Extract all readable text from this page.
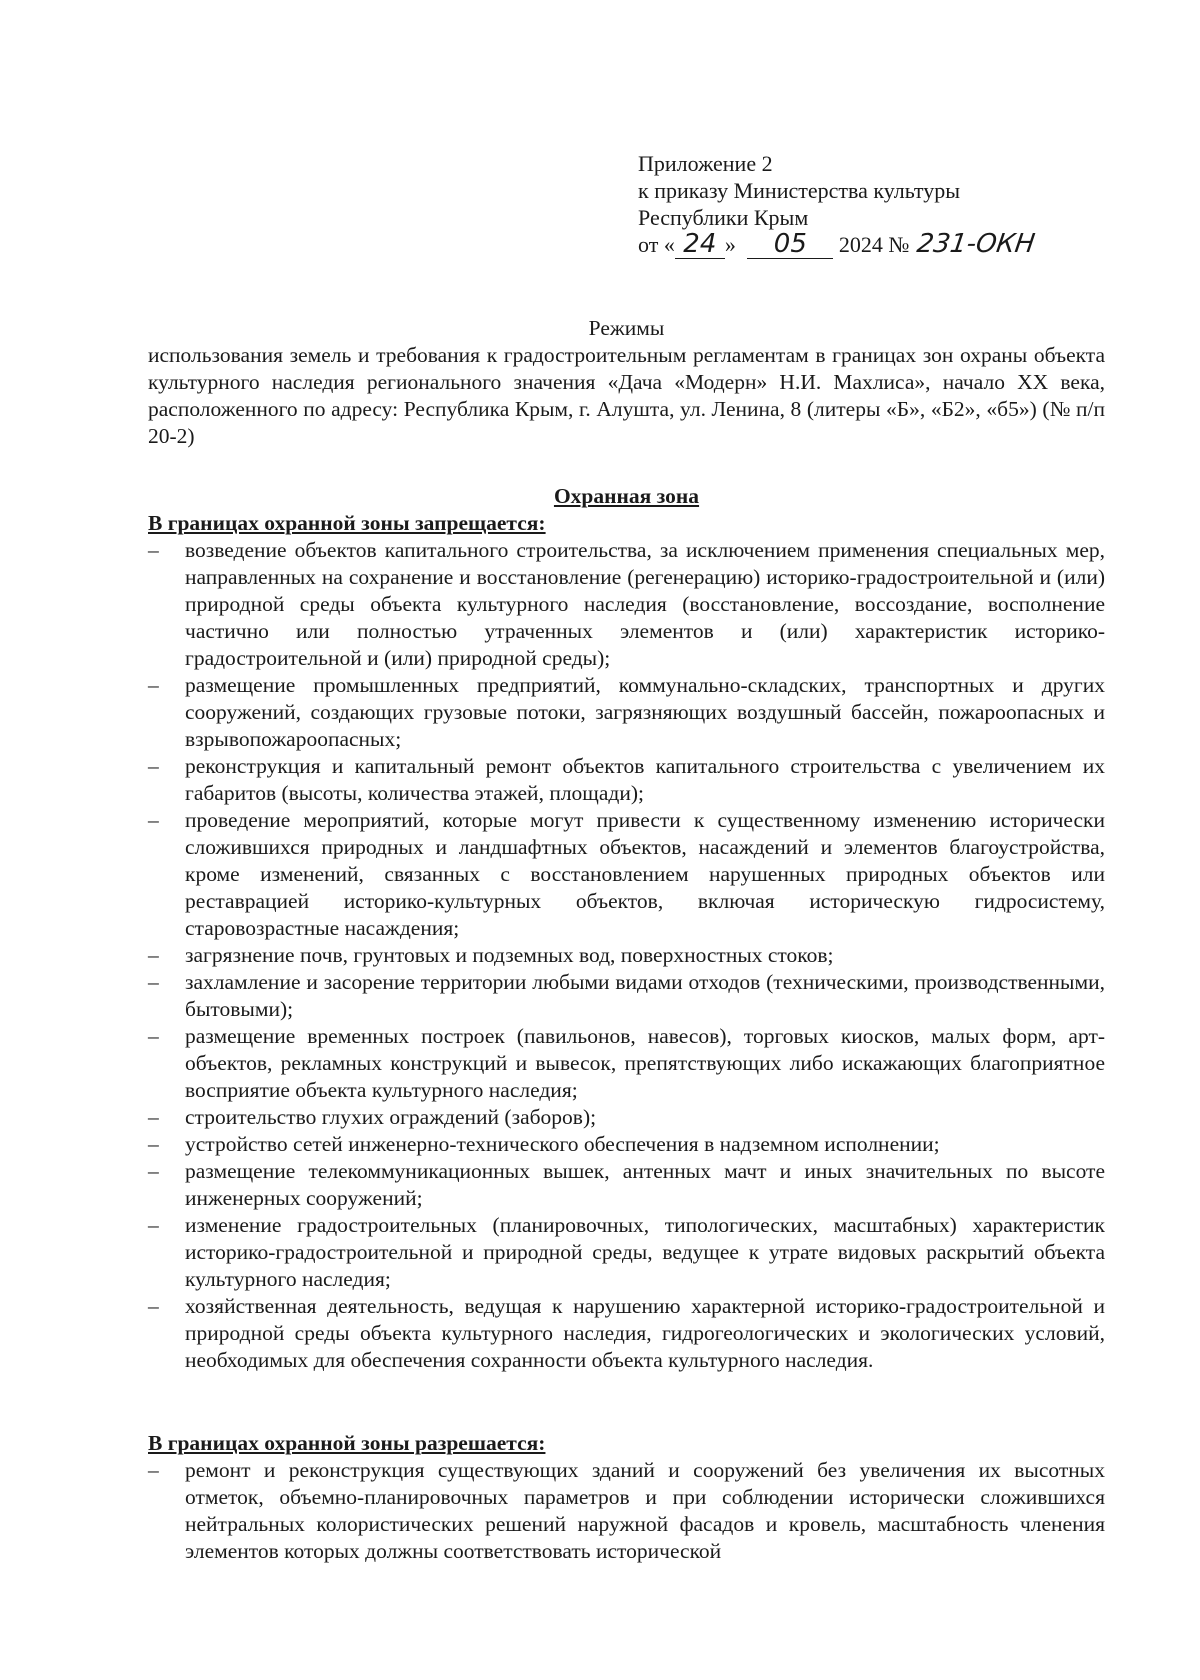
Приложение 2
к приказу Министерства культуры
Республики Крым
от « 24 » 05 2024 № 231-ОКН
Режимы
использования земель и требования к градостроительным регламентам в границах зон охраны объекта культурного наследия регионального значения «Дача «Модерн» Н.И. Махлиса», начало XX века, расположенного по адресу: Республика Крым, г. Алушта, ул. Ленина, 8 (литеры «Б», «Б2», «б5») (№ п/п 20-2)
Охранная зона
В границах охранной зоны запрещается:
– возведение объектов капитального строительства, за исключением применения специальных мер, направленных на сохранение и восстановление (регенерацию) историко-градостроительной и (или) природной среды объекта культурного наследия (восстановление, воссоздание, восполнение частично или полностью утраченных элементов и (или) характеристик историко-градостроительной и (или) природной среды);
– размещение промышленных предприятий, коммунально-складских, транспортных и других сооружений, создающих грузовые потоки, загрязняющих воздушный бассейн, пожароопасных и взрывопожароопасных;
– реконструкция и капитальный ремонт объектов капитального строительства с увеличением их габаритов (высоты, количества этажей, площади);
– проведение мероприятий, которые могут привести к существенному изменению исторически сложившихся природных и ландшафтных объектов, насаждений и элементов благоустройства, кроме изменений, связанных с восстановлением нарушенных природных объектов или реставрацией историко-культурных объектов, включая историческую гидросистему, старовозрастные насаждения;
– загрязнение почв, грунтовых и подземных вод, поверхностных стоков;
– захламление и засорение территории любыми видами отходов (техническими, производственными, бытовыми);
– размещение временных построек (павильонов, навесов), торговых киосков, малых форм, арт-объектов, рекламных конструкций и вывесок, препятствующих либо искажающих благоприятное восприятие объекта культурного наследия;
– строительство глухих ограждений (заборов);
– устройство сетей инженерно-технического обеспечения в надземном исполнении;
– размещение телекоммуникационных вышек, антенных мачт и иных значительных по высоте инженерных сооружений;
– изменение градостроительных (планировочных, типологических, масштабных) характеристик историко-градостроительной и природной среды, ведущее к утрате видовых раскрытий объекта культурного наследия;
– хозяйственная деятельность, ведущая к нарушению характерной историко-градостроительной и природной среды объекта культурного наследия, гидрогеологических и экологических условий, необходимых для обеспечения сохранности объекта культурного наследия.
В границах охранной зоны разрешается:
– ремонт и реконструкция существующих зданий и сооружений без увеличения их высотных отметок, объемно-планировочных параметров и при соблюдении исторически сложившихся нейтральных колористических решений наружной фасадов и кровель, масштабность членения элементов которых должны соответствовать исторической
